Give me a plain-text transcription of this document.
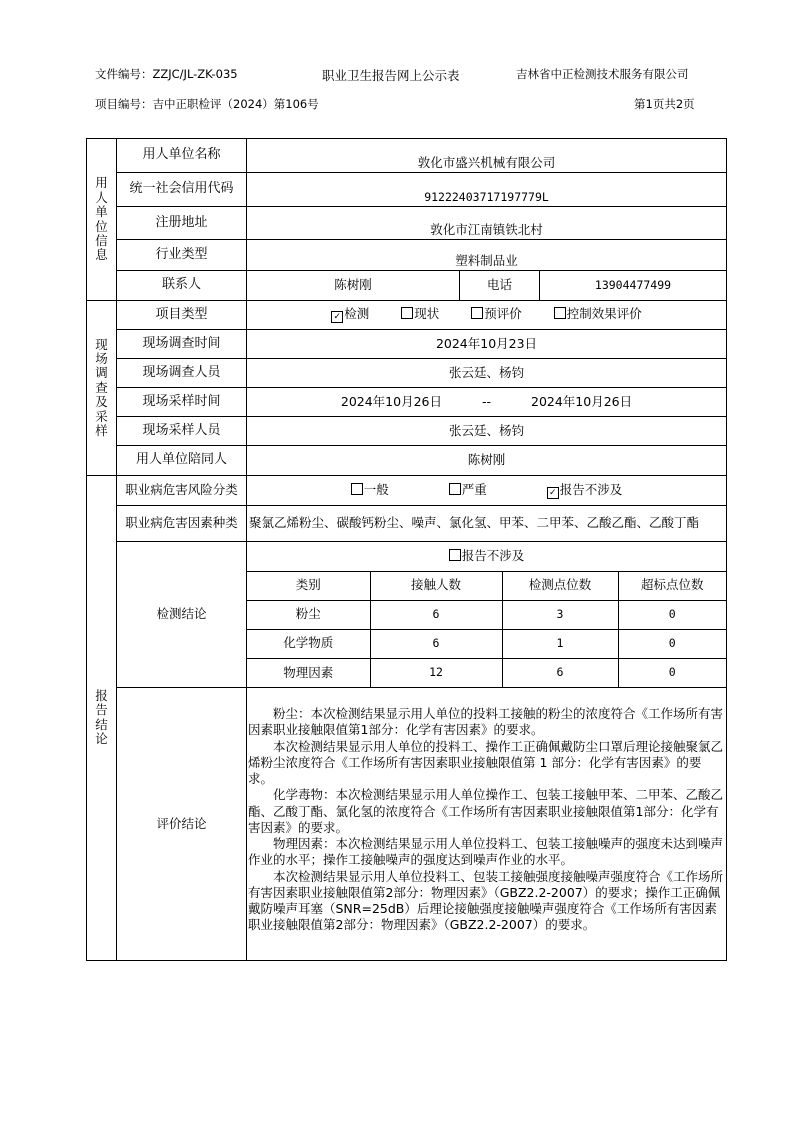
文件编号：ZZJC/JL-ZK-035	职业卫生报告网上公示表	吉林省中正检测技术服务有限公司
项目编号：吉中正职检评（2024）第106号	第1页共2页
用
人
单
位
信
息
	用人单位名称	敦化市盛兴机械有限公司
统一社会信用代码	91222403717197779L
注册地址	敦化市江南镇铁北村
行业类型	塑料制品业
联系人	陈树刚	电话	13904477499

现
场
调
查
及
采
样
	项目类型	✓ 检测	现状	预评价	控制效果评价
现场调查时间	2024年10月23日
现场调查人员	张云廷、杨钧
现场采样时间	2024年10月26日	--	2024年10月26日
现场采样人员	张云廷、杨钧
用人单位陪同人	陈树刚

报
告
结
论
	职业病危害风险分类	一般	严重	✓ 报告不涉及
职业病危害因素种类	聚氯乙烯粉尘、碳酸钙粉尘、噪声、氯化氢、甲苯、二甲苯、乙酸乙酯、乙酸丁酯
检测结论	
报告不涉及
类别	接触人数	检测点位数	超标点位数
粉尘	6	3	0
化学物质	6	1	0
物理因素	12	6	0

评价结论	

粉尘：本次检测结果显示用人单位的投料工接触的粉尘的浓度符合《工作场所有害因素职业接触限值第1部分：化学有害因素》的要求。

本次检测结果显示用人单位的投料工、操作工正确佩戴防尘口罩后理论接触聚氯乙烯粉尘浓度符合《工作场所有害因素职业接触限值第 1 部分：化学有害因素》的要求。

化学毒物：本次检测结果显示用人单位操作工、包装工接触甲苯、二甲苯、乙酸乙酯、乙酸丁酯、氯化氢的浓度符合《工作场所有害因素职业接触限值第1部分：化学有害因素》的要求。

物理因素：本次检测结果显示用人单位投料工、包装工接触噪声的强度未达到噪声作业的水平；操作工接触噪声的强度达到噪声作业的水平。

本次检测结果显示用人单位投料工、包装工接触强度接触噪声强度符合《工作场所有害因素职业接触限值第2部分：物理因素》（GBZ2.2-2007）的要求；操作工正确佩戴防噪声耳塞（SNR=25dB）后理论接触强度接触噪声强度符合《工作场所有害因素职业接触限值第2部分：物理因素》（GBZ2.2-2007）的要求。
